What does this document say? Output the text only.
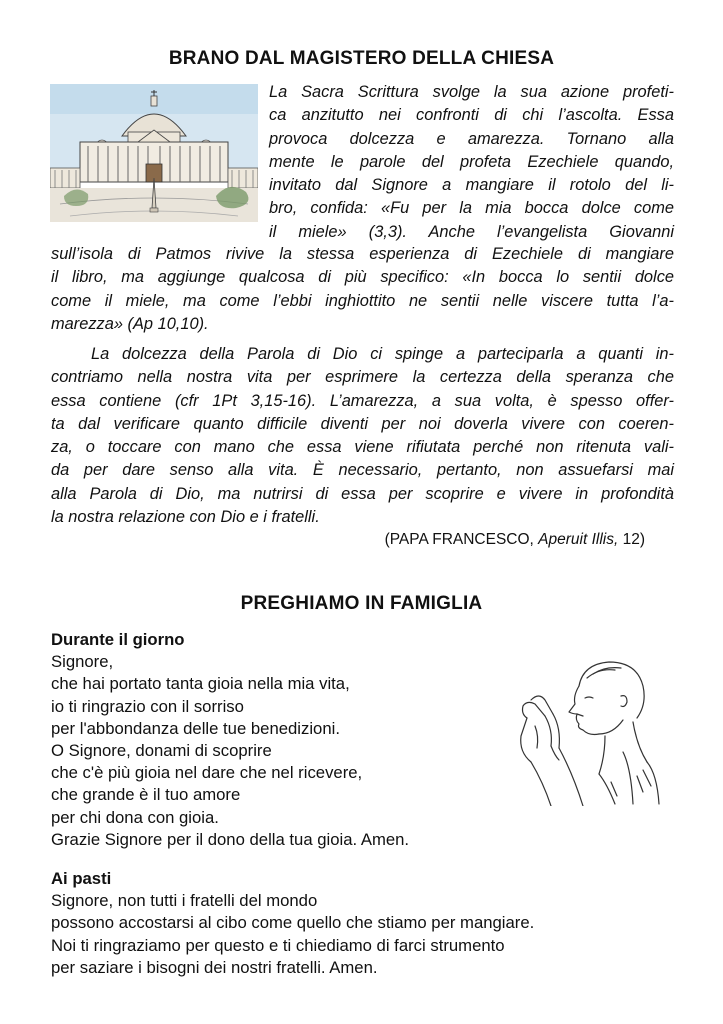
BRANO DAL MAGISTERO DELLA CHIESA
La Sacra Scrittura svolge la sua azione profeti-
ca anzitutto nei confronti di chi l’ascolta. Essa
provoca dolcezza e amarezza. Tornano alla
mente le parole del profeta Ezechiele quando,
invitato dal Signore a mangiare il rotolo del li-
bro, confida: «Fu per la mia bocca dolce come
il miele» (3,3). Anche l’evangelista Giovanni
sull’isola di Patmos rivive la stessa esperienza di Ezechiele di mangiare
il libro, ma aggiunge qualcosa di più specifico: «In bocca lo sentii dolce
come il miele, ma come l’ebbi inghiottito ne sentii nelle viscere tutta l’a-
marezza» (Ap 10,10).
La dolcezza della Parola di Dio ci spinge a parteciparla a quanti in-
contriamo nella nostra vita per esprimere la certezza della speranza che
essa contiene (cfr 1Pt 3,15-16). L’amarezza, a sua volta, è spesso offer-
ta dal verificare quanto difficile diventi per noi doverla vivere con coeren-
za, o toccare con mano che essa viene rifiutata perché non ritenuta vali-
da per dare senso alla vita. È necessario, pertanto, non assuefarsi mai
alla Parola di Dio, ma nutrirsi di essa per scoprire e vivere in profondità
la nostra relazione con Dio e i fratelli.
(PAPA FRANCESCO, Aperuit Illis, 12)
PREGHIAMO IN FAMIGLIA
Durante il giorno
Signore,
che hai portato tanta gioia nella mia vita,
io ti ringrazio con il sorriso
per l'abbondanza delle tue benedizioni.
O Signore, donami di scoprire
che c'è più gioia nel dare che nel ricevere,
che grande è il tuo amore
per chi dona con gioia.
Grazie Signore per il dono della tua gioia. Amen.
Ai pasti
Signore, non tutti i fratelli del mondo
possono accostarsi al cibo come quello che stiamo per mangiare.
Noi ti ringraziamo per questo e ti chiediamo di farci strumento
per saziare i bisogni dei nostri fratelli. Amen.
